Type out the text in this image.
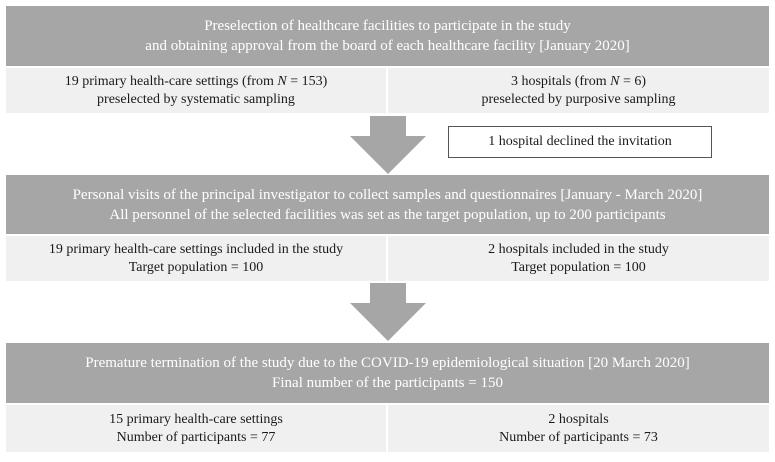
Preselection of healthcare facilities to participate in the study
and obtaining approval from the board of each healthcare facility [January 2020]
19 primary health-care settings (from N = 153)
preselected by systematic sampling
3 hospitals (from N = 6)
preselected by purposive sampling
1 hospital declined the invitation
Personal visits of the principal investigator to collect samples and questionnaires [January - March 2020]
All personnel of the selected facilities was set as the target population, up to 200 participants
19 primary health-care settings included in the study
Target population = 100
2 hospitals included in the study
Target population = 100
Premature termination of the study due to the COVID-19 epidemiological situation [20 March 2020]
Final number of the participants = 150
15 primary health-care settings
Number of participants = 77
2 hospitals
Number of participants = 73
